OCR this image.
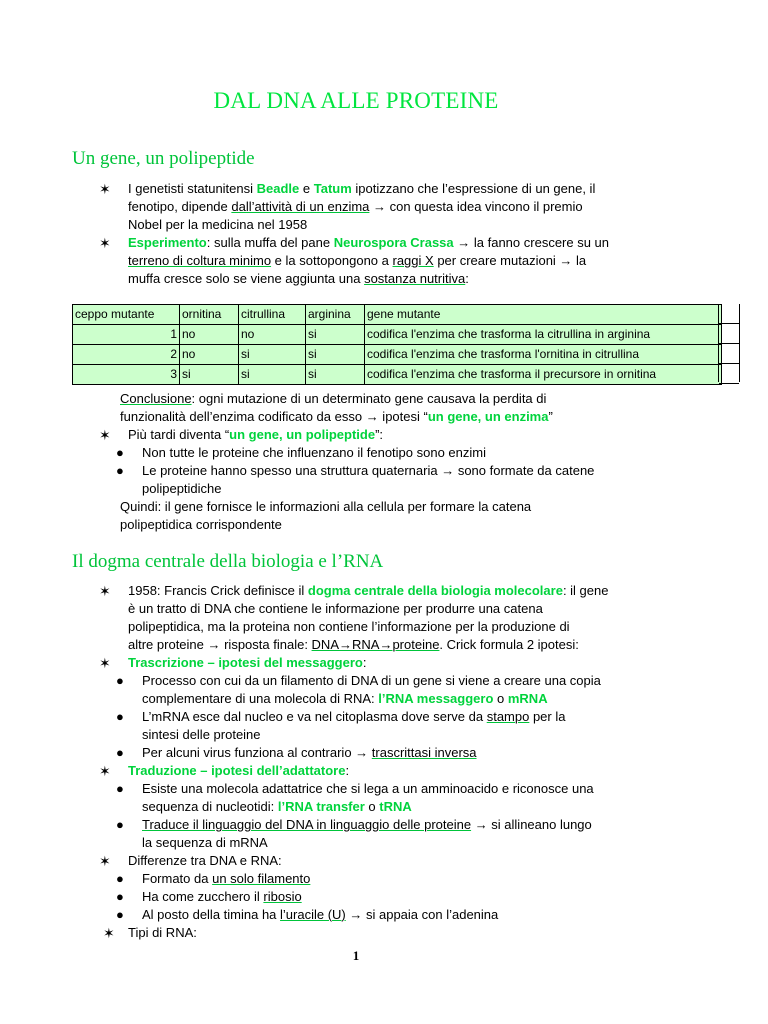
DAL DNA ALLE PROTEINE
Un gene, un polipeptide
✶ I genetisti statunitensi Beadle e Tatum ipotizzano che l’espressione di un gene, il
fenotipo, dipende dall’attività di un enzima → con questa idea vincono il premio
Nobel per la medicina nel 1958
✶ Esperimento: sulla muffa del pane Neurospora Crassa → la fanno crescere su un
terreno di coltura minimo e la sottopongono a raggi X per creare mutazioni → la
muffa cresce solo se viene aggiunta una sostanza nutritiva:
ceppo mutante	ornitina	citrullina	arginina	gene mutante
1	no	no	si	codifica l'enzima che trasforma la citrullina in arginina
2	no	si	si	codifica l'enzima che trasforma l'ornitina in citrullina
3	si	si	si	codifica l'enzima che trasforma il precursore in ornitina
Conclusione: ogni mutazione di un determinato gene causava la perdita di
funzionalità dell’enzima codificato da esso → ipotesi “un gene, un enzima”
✶ Più tardi diventa “un gene, un polipeptide”:
● Non tutte le proteine che influenzano il fenotipo sono enzimi
● Le proteine hanno spesso una struttura quaternaria → sono formate da catene
polipeptidiche
Quindi: il gene fornisce le informazioni alla cellula per formare la catena
polipeptidica corrispondente
Il dogma centrale della biologia e l’RNA
✶ 1958: Francis Crick definisce il dogma centrale della biologia molecolare: il gene
è un tratto di DNA che contiene le informazione per produrre una catena
polipeptidica, ma la proteina non contiene l’informazione per la produzione di
altre proteine → risposta finale: DNA→RNA→proteine. Crick formula 2 ipotesi:
✶ Trascrizione – ipotesi del messaggero:
● Processo con cui da un filamento di DNA di un gene si viene a creare una copia
complementare di una molecola di RNA: l’RNA messaggero o mRNA
● L’mRNA esce dal nucleo e va nel citoplasma dove serve da stampo per la
sintesi delle proteine
● Per alcuni virus funziona al contrario → trascrittasi inversa
✶ Traduzione – ipotesi dell’adattatore:
● Esiste una molecola adattatrice che si lega a un amminoacido e riconosce una
sequenza di nucleotidi: l’RNA transfer o tRNA
● Traduce il linguaggio del DNA in linguaggio delle proteine → si allineano lungo
la sequenza di mRNA
✶ Differenze tra DNA e RNA:
● Formato da un solo filamento
● Ha come zucchero il ribosio
● Al posto della timina ha l’uracile (U) → si appaia con l’adenina
✶ Tipi di RNA:
1
